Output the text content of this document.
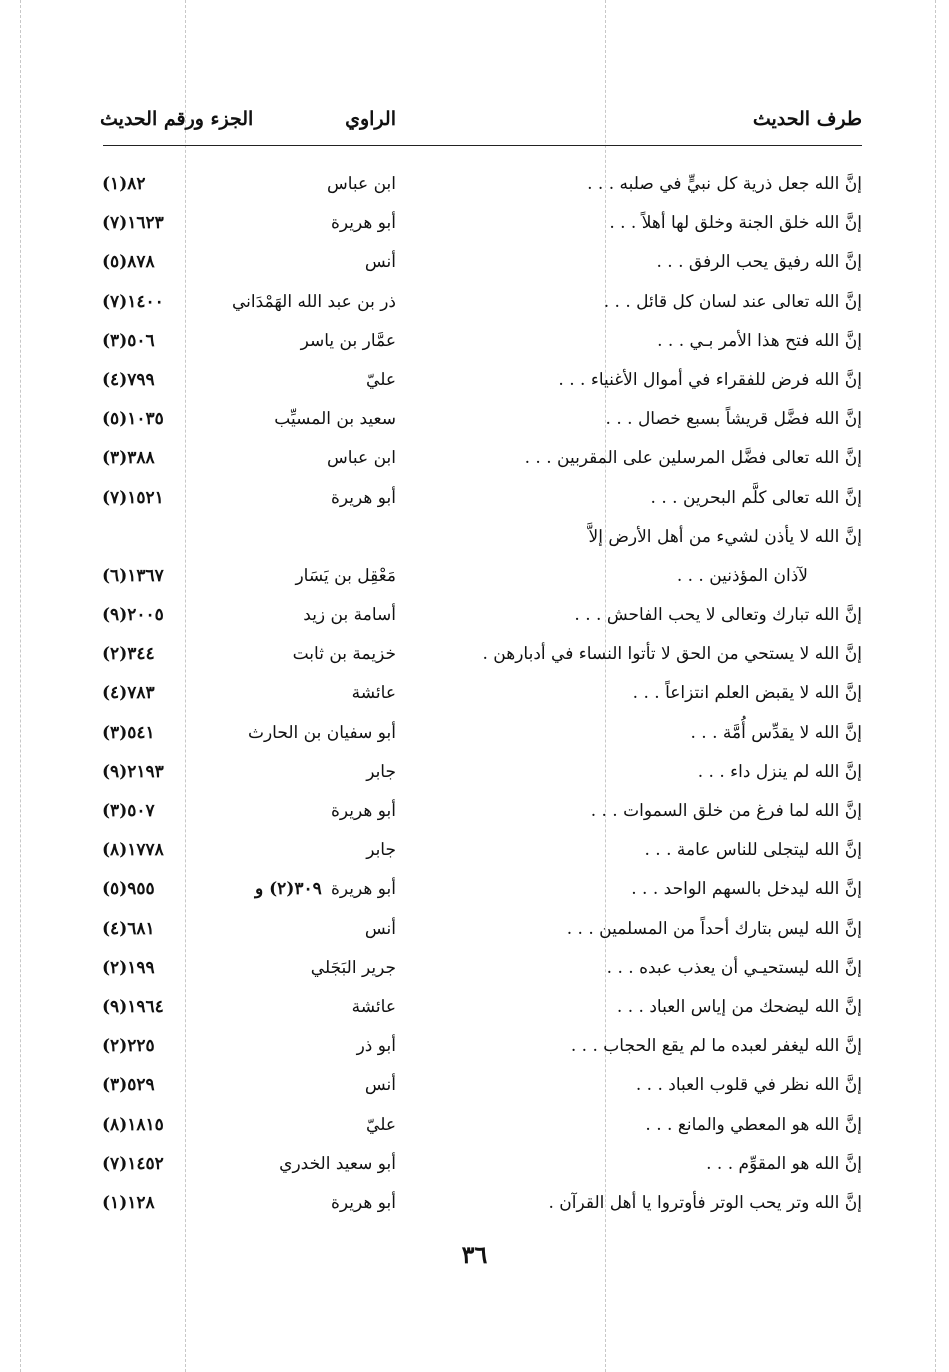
طرف الحديث
الراوي
الجزء ورقم الحديث
إنَّ الله جعل ذرية كل نبيٍّ في صلبه . . .
ابن عباس
٨٢(١)
إنَّ الله خلق الجنة وخلق لها أهلاً . . .
أبو هريرة
١٦٢٣(٧)
إنَّ الله رفيق يحب الرفق . . .
أنس
٨٧٨(٥)
إنَّ الله تعالى عند لسان كل قائل . . .
ذر بن عبد الله الهَمْدَاني
١٤٠٠(٧)
إنَّ الله فتح هذا الأمر بـي . . .
عمَّار بن ياسر
٥٠٦(٣)
إنَّ الله فرض للفقراء في أموال الأغنياء . . .
عليّ
٧٩٩(٤)
إنَّ الله فضَّل قريشاً بسبع خصال . . .
سعيد بن المسيِّب
١٠٣٥(٥)
إنَّ الله تعالى فضَّل المرسلين على المقربين . . .
ابن عباس
٣٨٨(٣)
إنَّ الله تعالى كلَّم البحرين . . .
أبو هريرة
١٥٢١(٧)
إنَّ الله لا يأذن لشيء من أهل الأرض إلاَّ
لآذان المؤذنين . . .
مَعْقِل بن يَسَار
١٣٦٧(٦)
إنَّ الله تبارك وتعالى لا يحب الفاحش . . .
أسامة بن زيد
٢٠٠٥(٩)
إنَّ الله لا يستحي من الحق لا تأتوا النساء في أدبارهن .
خزيمة بن ثابت
٣٤٤(٢)
إنَّ الله لا يقبض العلم انتزاعاً . . .
عائشة
٧٨٣(٤)
إنَّ الله لا يقدِّس أُمَّة . . .
أبو سفيان بن الحارث
٥٤١(٣)
إنَّ الله لم ينزل داء . . .
جابر
٢١٩٣(٩)
إنَّ الله لما فرغ من خلق السموات . . .
أبو هريرة
٥٠٧(٣)
إنَّ الله ليتجلى للناس عامة . . .
جابر
١٧٧٨(٨)
إنَّ الله ليدخل بالسهم الواحد . . .
أبو هريرة
٩٥٥(٥)	٣٠٩(٢) و
إنَّ الله ليس بتارك أحداً من المسلمين . . .
أنس
٦٨١(٤)
إنَّ الله ليستحيـي أن يعذب عبده . . .
جرير البَجَلي
١٩٩(٢)
إنَّ الله ليضحك من إياس العباد . . .
عائشة
١٩٦٤(٩)
إنَّ الله ليغفر لعبده ما لم يقع الحجاب . . .
أبو ذر
٢٢٥(٢)
إنَّ الله نظر في قلوب العباد . . .
أنس
٥٢٩(٣)
إنَّ الله هو المعطي والمانع . . .
عليّ
١٨١٥(٨)
إنَّ الله هو المقوِّم . . .
أبو سعيد الخدري
١٤٥٢(٧)
إنَّ الله وتر يحب الوتر فأوتروا يا أهل القرآن .
أبو هريرة
١٢٨(١)
٣٦
